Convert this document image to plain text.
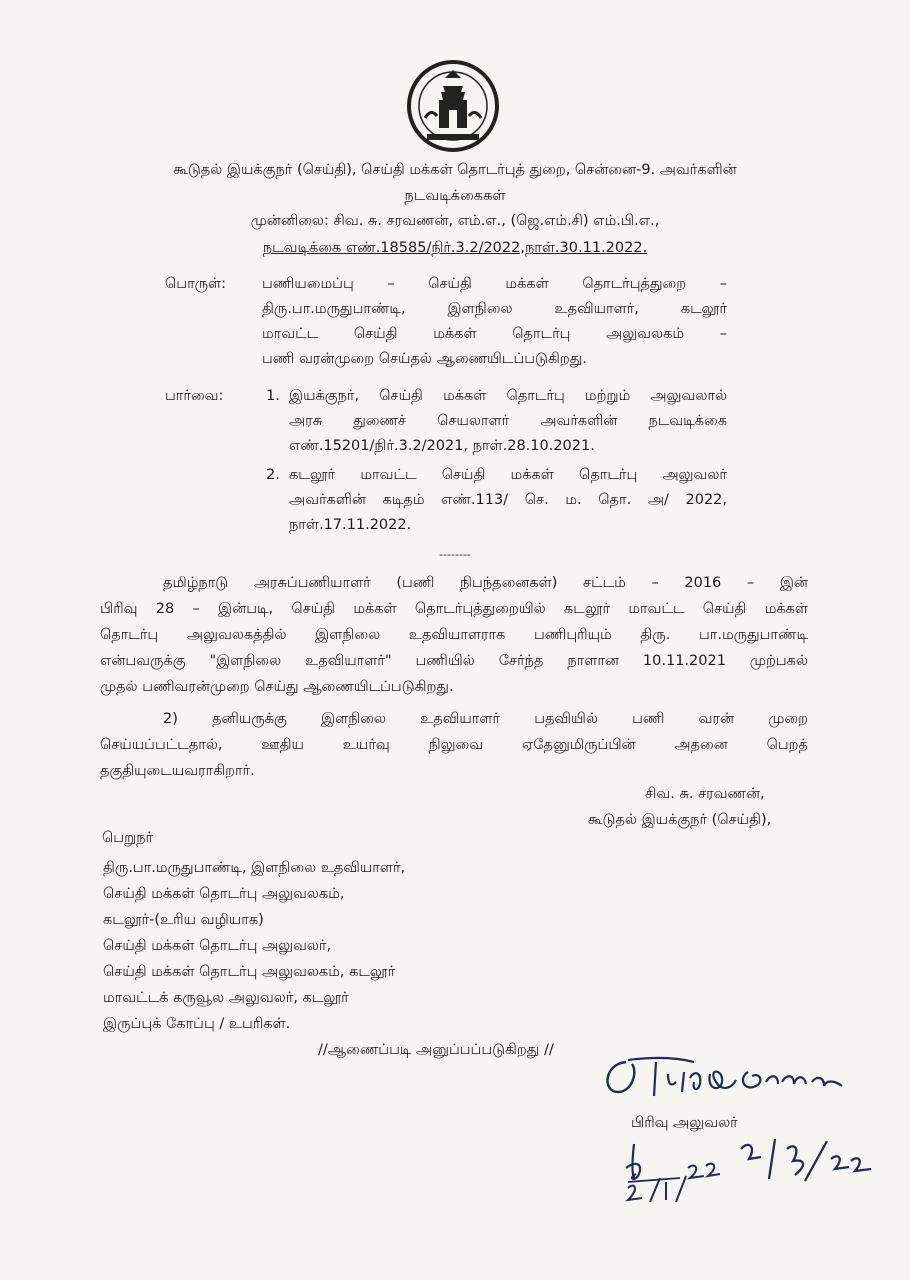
கூடுதல் இயக்குநர் (செய்தி), செய்தி மக்கள் தொடர்புத் துறை, சென்னை-9. அவர்களின்
நடவடிக்கைகள்
முன்னிலை: சிவ. சு. சரவணன், எம்.எ., (ஜெ.எம்.சி) எம்.பி.எ.,
நடவடிக்கை எண்.18585/நிர்.3.2/2022,நாள்.30.11.2022.
பொருள்: பணியமைப்பு – செய்தி மக்கள் தொடர்புத்துறை –
திரு.பா.மருதுபாண்டி, இளநிலை உதவியாளர், கடலூர்
மாவட்ட செய்தி மக்கள் தொடர்பு அலுவலகம் –
பணி வரன்முறை செய்தல் ஆணையிடப்படுகிறது.
பார்வை:	1. இயக்குநர், செய்தி மக்கள் தொடர்பு மற்றும் அலுவலால்
அரசு துணைச் செயலாளர் அவர்களின் நடவடிக்கை
எண்.15201/நிர்.3.2/2021, நாள்.28.10.2021.
2. கடலூர் மாவட்ட செய்தி மக்கள் தொடர்பு அலுவலர்
அவர்களின் கடிதம் எண்.113/ செ. ம. தொ. அ/ 2022,
நாள்.17.11.2022.
--------
தமிழ்நாடு அரசுப்பணியாளர் (பணி நிபந்தனைகள்) சட்டம் – 2016 – இன்
பிரிவு 28 – இன்படி, செய்தி மக்கள் தொடர்புத்துறையில் கடலூர் மாவட்ட செய்தி மக்கள்
தொடர்பு அலுவலகத்தில் இளநிலை உதவியாளராக பணிபுரியும் திரு. பா.மருதுபாண்டி
என்பவருக்கு "இளநிலை உதவியாளர்" பணியில் சேர்ந்த நாளான 10.11.2021 முற்பகல்
முதல் பணிவரன்முறை செய்து ஆணையிடப்படுகிறது.
2) தனியருக்கு இளநிலை உதவியாளர் பதவியில் பணி வரன் முறை
செய்யப்பட்டதால், ஊதிய உயர்வு நிலுவை ஏதேனுமிருப்பின் அதனை பெறத்
தகுதியுடையவராகிறார்.
சிவ. சு. சரவணன்,
கூடுதல் இயக்குநர் (செய்தி),
பெறுநர்
திரு.பா.மருதுபாண்டி, இளநிலை உதவியாளர்,
செய்தி மக்கள் தொடர்பு அலுவலகம்,
கடலூர்-(உரிய வழியாக)
செய்தி மக்கள் தொடர்பு அலுவலர்,
செய்தி மக்கள் தொடர்பு அலுவலகம், கடலூர்
மாவட்டக் கருவூல அலுவலர், கடலூர்
இருப்புக் கோப்பு / உபரிகள்.
//ஆணைப்படி அனுப்பப்படுகிறது //
பிரிவு அலுவலர்
